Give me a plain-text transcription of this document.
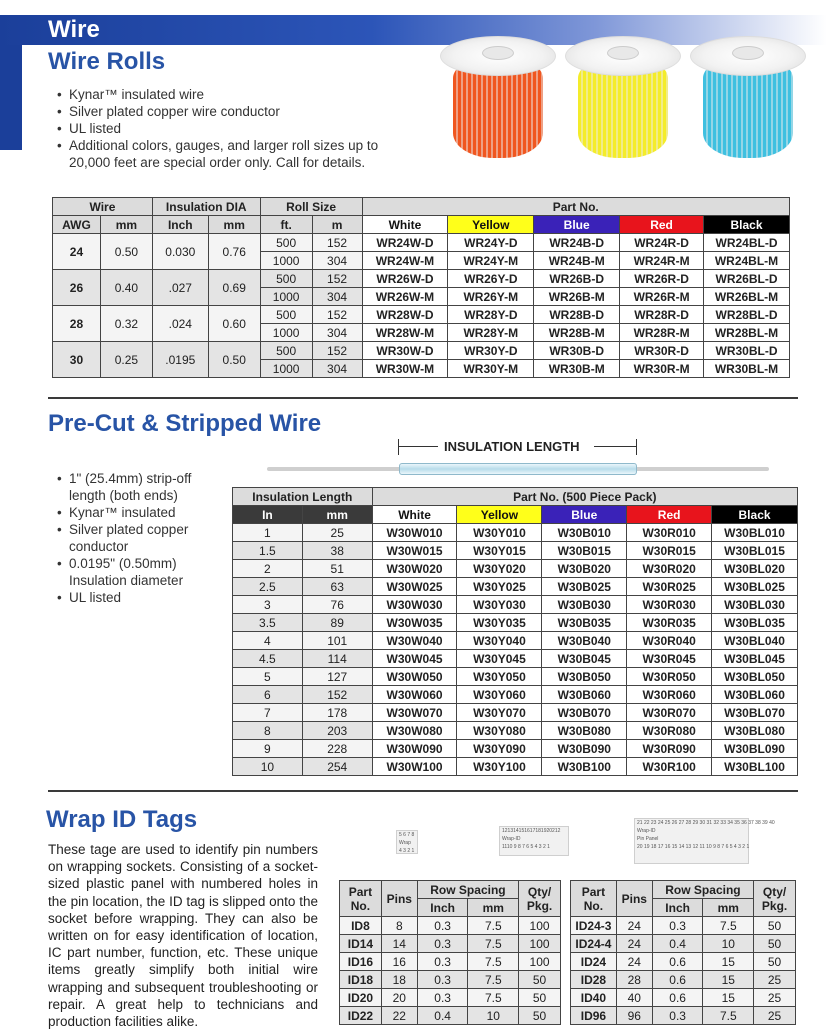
Wire
Wire Rolls
• Kynar™ insulated wire
• Silver plated copper wire conductor
• UL listed
• Additional colors, gauges, and larger roll sizes up to 20,000 feet are special order only. Call for details.
Wire		Insulation DIA		Roll Size		Part No.				
AWG	mm	Inch	mm	ft.	m	White	Yellow	Blue	Red	Black
24	0.50	0.030	0.76	500	152	WR24W-D	WR24Y-D	WR24B-D	WR24R-D	WR24BL-D
				1000	304	WR24W-M	WR24Y-M	WR24B-M	WR24R-M	WR24BL-M
26	0.40	.027	0.69	500	152	WR26W-D	WR26Y-D	WR26B-D	WR26R-D	WR26BL-D
				1000	304	WR26W-M	WR26Y-M	WR26B-M	WR26R-M	WR26BL-M
28	0.32	.024	0.60	500	152	WR28W-D	WR28Y-D	WR28B-D	WR28R-D	WR28BL-D
				1000	304	WR28W-M	WR28Y-M	WR28B-M	WR28R-M	WR28BL-M
30	0.25	.0195	0.50	500	152	WR30W-D	WR30Y-D	WR30B-D	WR30R-D	WR30BL-D
				1000	304	WR30W-M	WR30Y-M	WR30B-M	WR30R-M	WR30BL-M
Pre-Cut & Stripped Wire
INSULATION LENGTH
• 1" (25.4mm) strip-off length (both ends)
• Kynar™ insulated
• Silver plated copper conductor
• 0.0195" (0.50mm) Insulation diameter
• UL listed
Insulation Length		Part No. (500 Piece Pack)				
In	mm	White	Yellow	Blue	Red	Black
1	25	W30W010	W30Y010	W30B010	W30R010	W30BL010
1.5	38	W30W015	W30Y015	W30B015	W30R015	W30BL015
2	51	W30W020	W30Y020	W30B020	W30R020	W30BL020
2.5	63	W30W025	W30Y025	W30B025	W30R025	W30BL025
3	76	W30W030	W30Y030	W30B030	W30R030	W30BL030
3.5	89	W30W035	W30Y035	W30B035	W30R035	W30BL035
4	101	W30W040	W30Y040	W30B040	W30R040	W30BL040
4.5	114	W30W045	W30Y045	W30B045	W30R045	W30BL045
5	127	W30W050	W30Y050	W30B050	W30R050	W30BL050
6	152	W30W060	W30Y060	W30B060	W30R060	W30BL060
7	178	W30W070	W30Y070	W30B070	W30R070	W30BL070
8	203	W30W080	W30Y080	W30B080	W30R080	W30BL080
9	228	W30W090	W30Y090	W30B090	W30R090	W30BL090
10	254	W30W100	W30Y100	W30B100	W30R100	W30BL100
Wrap ID Tags
These tage are used to identify pin numbers on wrapping sockets. Consisting of a socket-sized plastic panel with numbered holes in the pin location, the ID tag is slipped onto the socket before wrapping. They can also be written on for easy identification of location, IC part number, function, etc. These unique items greatly simplify both initial wire wrapping and subsequent troubleshooting or repair. A great help to technicians and production facilities alike.
5 6 7 8
Wrap
4 3 2 1
121314151617181920212
Wrap-ID
1110 9 8 7 6 5 4 3 2 1
21 22 23 24 25 26 27 28 29 30 31 32 33 34 35 36 37 38 39 40
Wrap-ID
Pin Panel
20 19 18 17 16 15 14 13 12 11 10 9 8 7 6 5 4 3 2 1
Part No.	Pins	Row Spacing		Qty/ Pkg.
		Inch	mm	
ID8	8	0.3	7.5	100
ID14	14	0.3	7.5	100
ID16	16	0.3	7.5	100
ID18	18	0.3	7.5	50
ID20	20	0.3	7.5	50
ID22	22	0.4	10	50
Part No.	Pins	Row Spacing		Qty/ Pkg.
		Inch	mm	
ID24-3	24	0.3	7.5	50
ID24-4	24	0.4	10	50
ID24	24	0.6	15	50
ID28	28	0.6	15	25
ID40	40	0.6	15	25
ID96	96	0.3	7.5	25
